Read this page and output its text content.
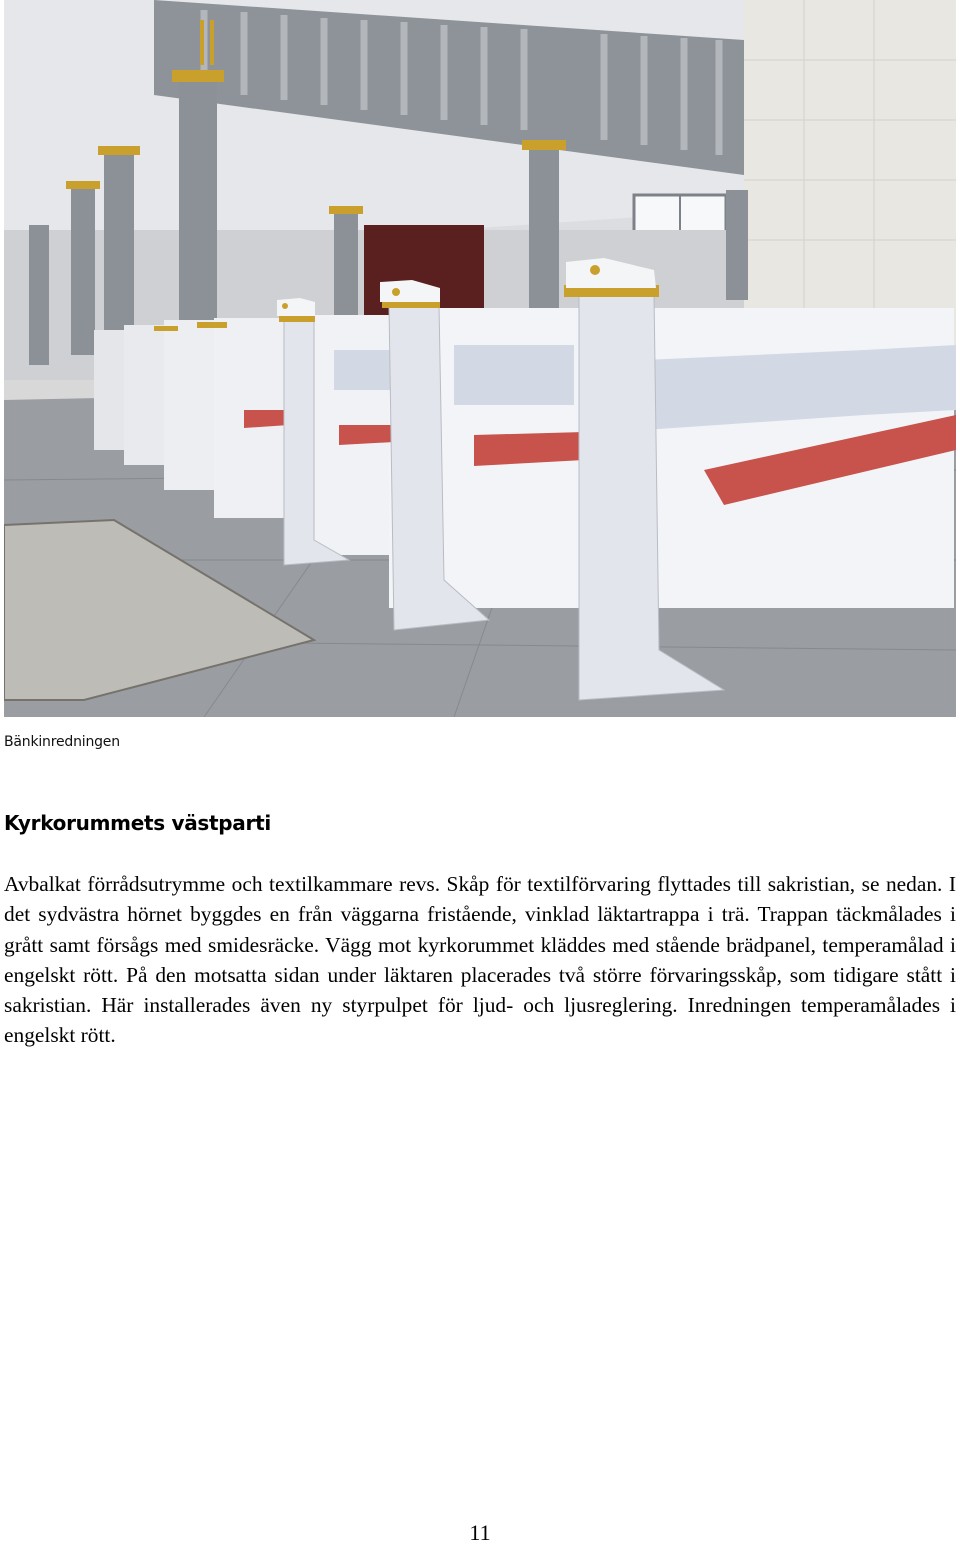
Bänkinredningen
Kyrkorummets västparti
Avbalkat förrådsutrymme och textilkammare revs. Skåp för textilförvaring flyttades till sakristian, se nedan. I det sydvästra hörnet byggdes en från väggarna fristående, vinklad läktartrappa i trä. Trappan täckmålades i grått samt försågs med smidesräcke. Vägg mot kyrkorummet kläddes med stående brädpanel, temperamålad i engelskt rött. På den motsatta sidan under läktaren placerades två större förvaringsskåp, som tidigare stått i sakristian. Här installerades även ny styrpulpet för ljud- och ljusreglering. Inredningen temperamålades i engelskt rött.
11
